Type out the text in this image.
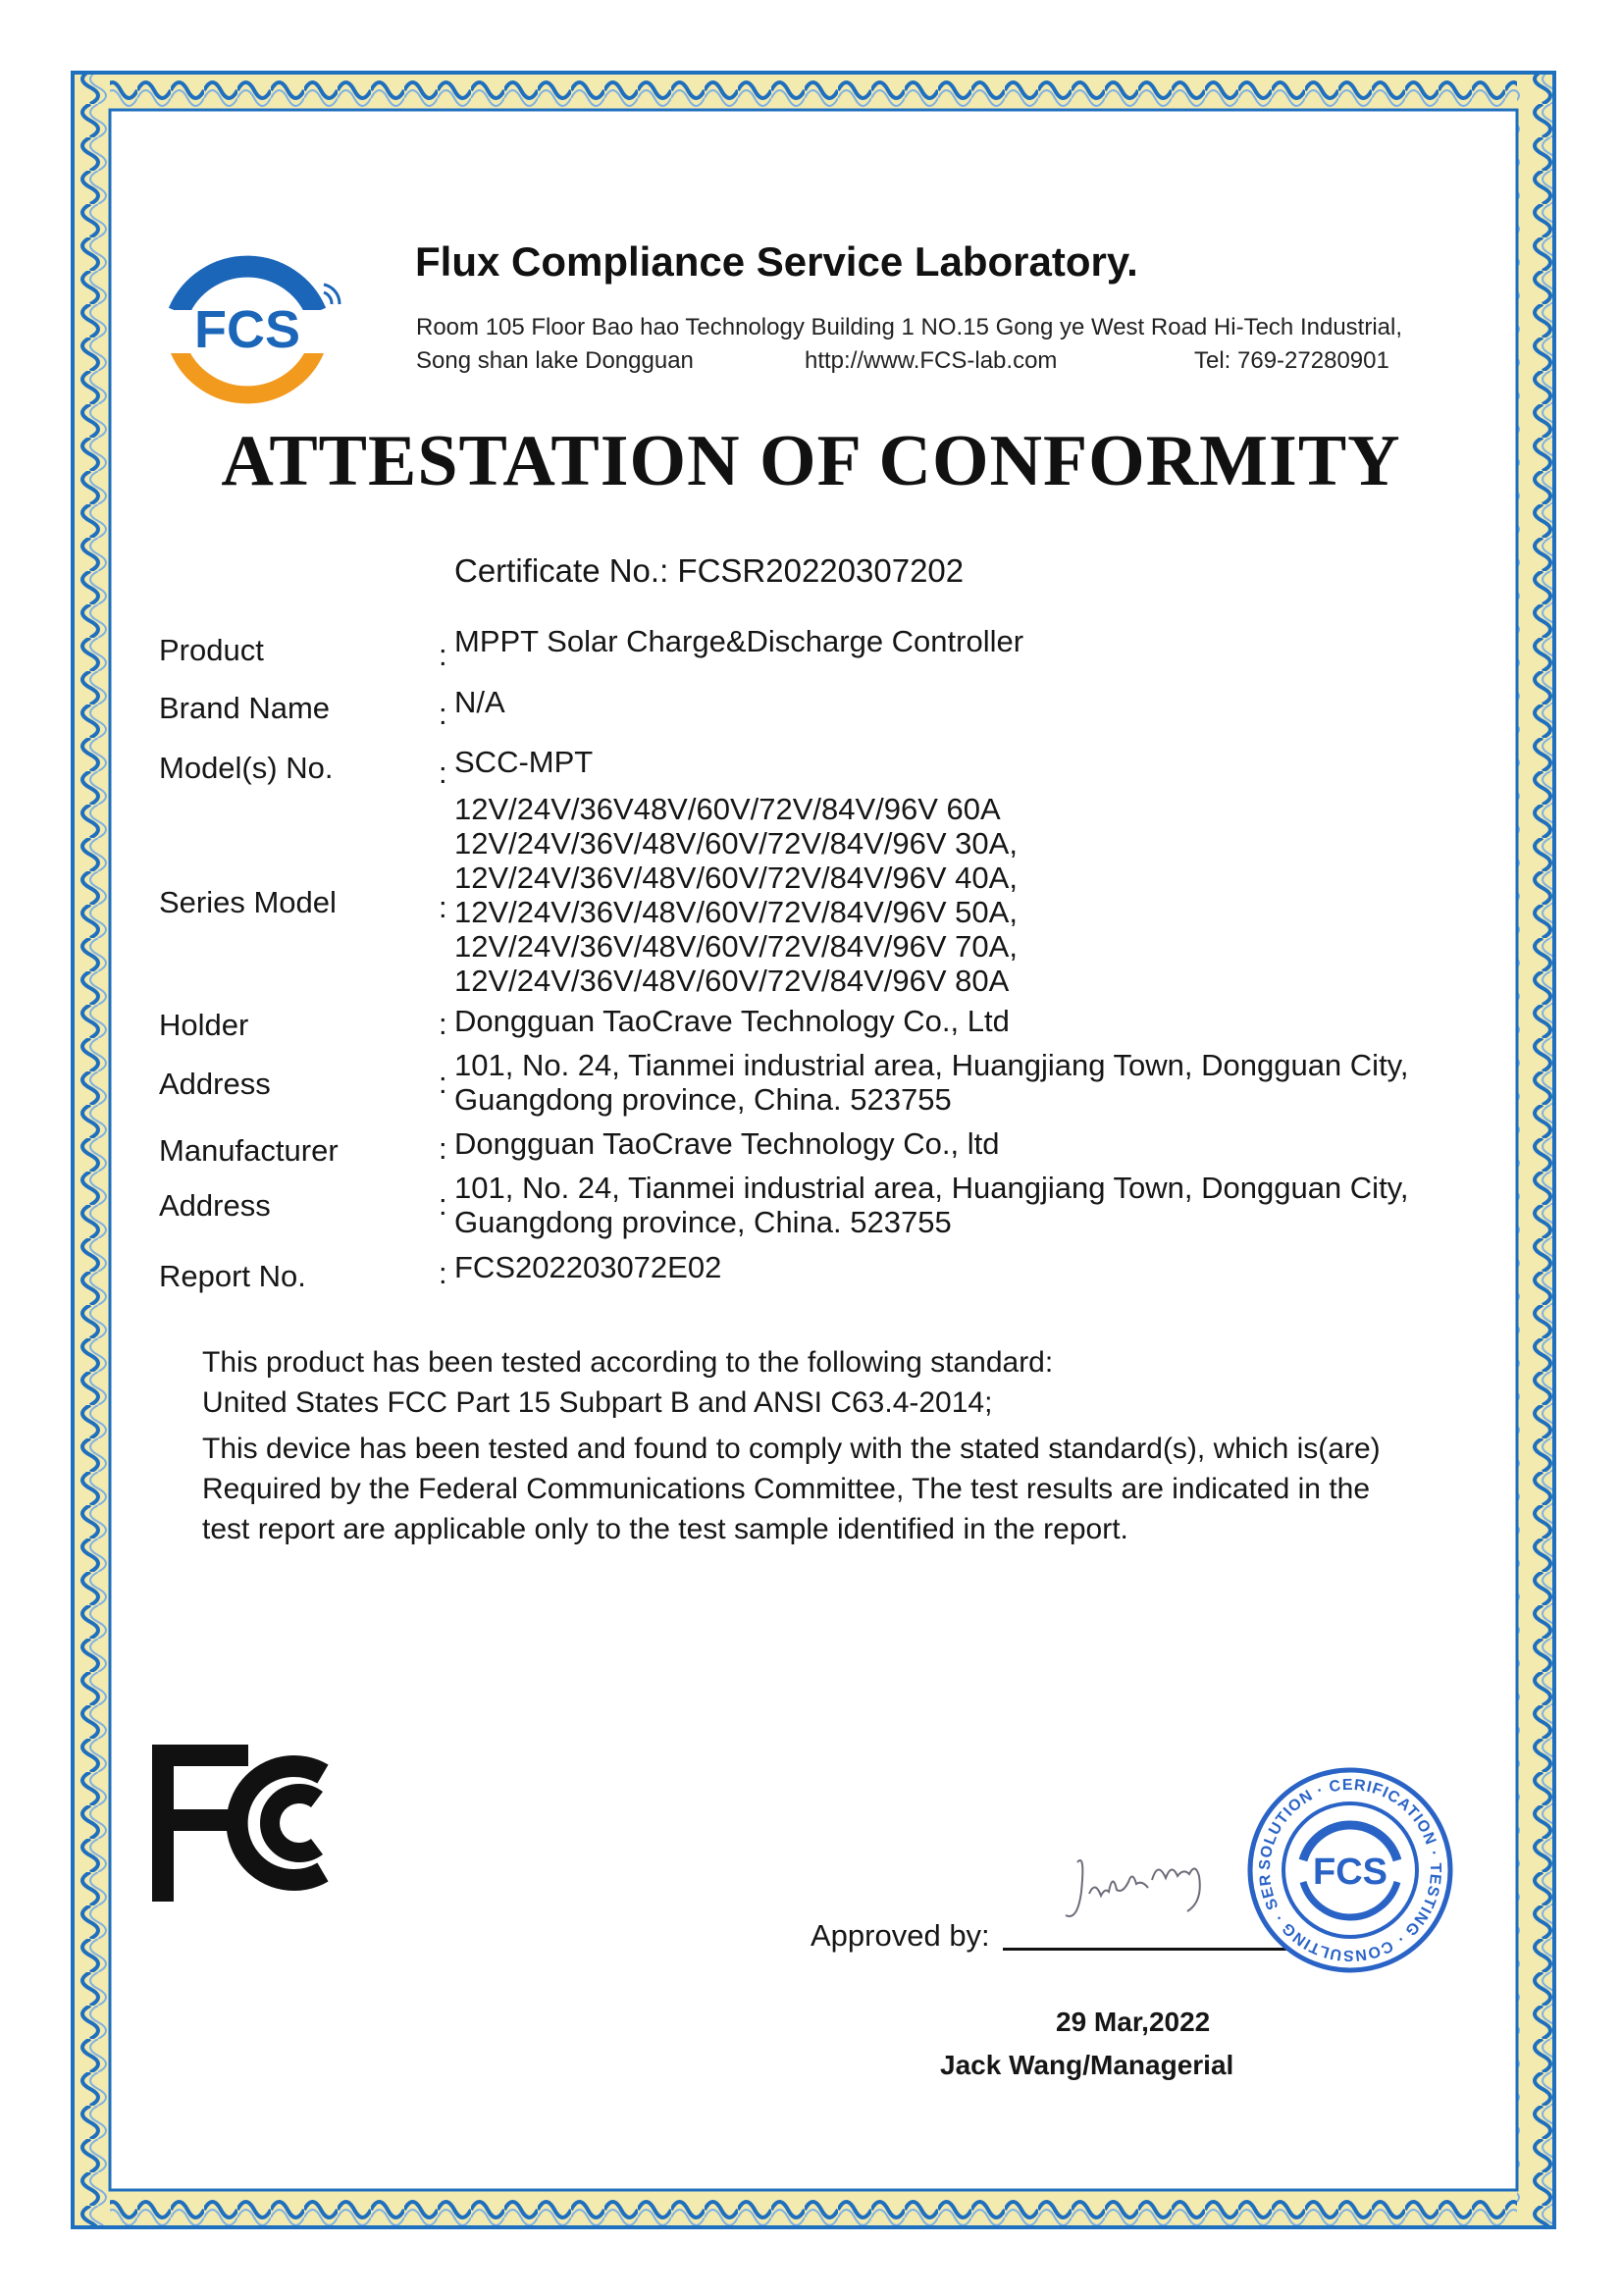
FCS
Flux Compliance Service Laboratory.
Room 105 Floor Bao hao Technology Building 1 NO.15 Gong ye West Road Hi-Tech Industrial,
Song shan lake Dongguan	http://www.FCS-lab.com	Tel: 769-27280901
ATTESTATION OF CONFORMITY
Certificate No.: FCSR20220307202
Product	: MPPT Solar Charge&Discharge Controller
Brand Name	: N/A
Model(s) No.	: SCC-MPT
Series Model	:
12V/24V/36V48V/60V/72V/84V/96V 60A
12V/24V/36V/48V/60V/72V/84V/96V 30A,
12V/24V/36V/48V/60V/72V/84V/96V 40A,
12V/24V/36V/48V/60V/72V/84V/96V 50A,
12V/24V/36V/48V/60V/72V/84V/96V 70A,
12V/24V/36V/48V/60V/72V/84V/96V 80A
Holder	: Dongguan TaoCrave Technology Co., Ltd
Address	:
101, No. 24, Tianmei industrial area, Huangjiang Town, Dongguan City,
Guangdong province, China. 523755
Manufacturer	: Dongguan TaoCrave Technology Co., ltd
Address	: 101, No. 24, Tianmei industrial area, Huangjiang Town, Dongguan City,
Guangdong province, China. 523755
Report No.	: FCS202203072E02
This product has been tested according to the following standard:
United States FCC Part 15 Subpart B and ANSI C63.4-2014;
This device has been tested and found to comply with the stated standard(s), which is(are)
Required by the Federal Communications Committee, The test results are indicated in the
test report are applicable only to the test sample identified in the report.
Approved by:
SOLUTION · CERIFICATION · TESTING · CONSULTING · SER	FCS
29 Mar,2022
Jack Wang/Managerial
